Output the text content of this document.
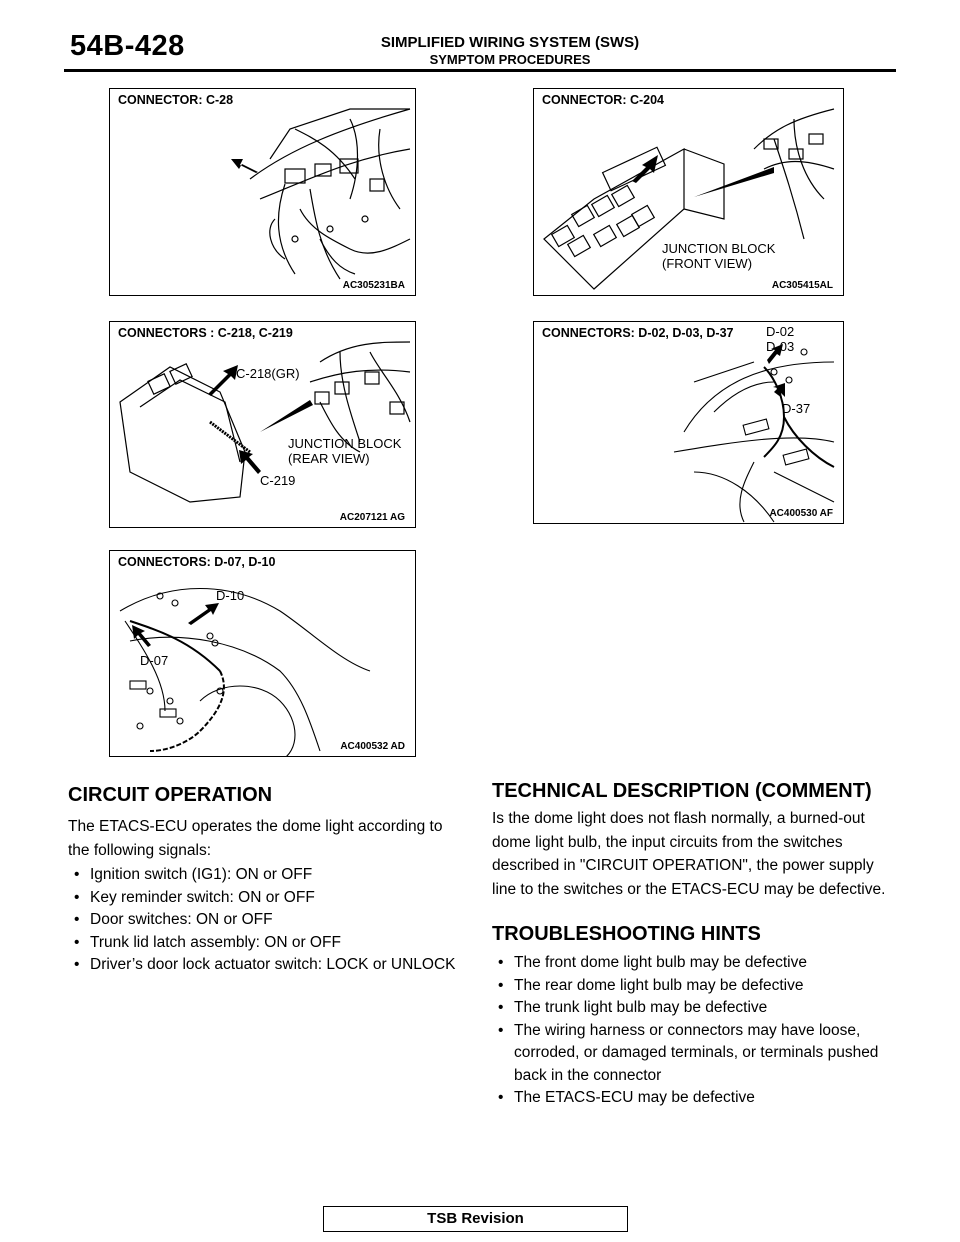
54B-428	SIMPLIFIED WIRING SYSTEM (SWS)
SYMPTOM PROCEDURES
CONNECTOR: C-28
AC305231BA
CONNECTOR: C-204
JUNCTION BLOCK
(FRONT VIEW)
AC305415AL
CONNECTORS : C-218, C-219
C-218(GR)
JUNCTION BLOCK
(REAR VIEW)
C-219
AC207121 AG
CONNECTORS: D-02, D-03, D-37	D-02
D-03
D-37
AC400530 AF
CONNECTORS: D-07, D-10
D-10
D-07
AC400532 AD
CIRCUIT OPERATION
The ETACS-ECU operates the dome light according to the following signals:
• Ignition switch (IG1): ON or OFF
• Key reminder switch: ON or OFF
• Door switches: ON or OFF
• Trunk lid latch assembly: ON or OFF
• Driver’s door lock actuator switch: LOCK or UNLOCK
TECHNICAL DESCRIPTION (COMMENT)
Is the dome light does not flash normally, a burned-out dome light bulb, the input circuits from the switches described in "CIRCUIT OPERATION", the power supply line to the switches or the ETACS-ECU may be defective.
TROUBLESHOOTING HINTS
• The front dome light bulb may be defective
• The rear dome light bulb may be defective
• The trunk light bulb may be defective
• The wiring harness or connectors may have loose, corroded, or damaged terminals, or terminals pushed back in the connector
• The ETACS-ECU may be defective
TSB Revision
